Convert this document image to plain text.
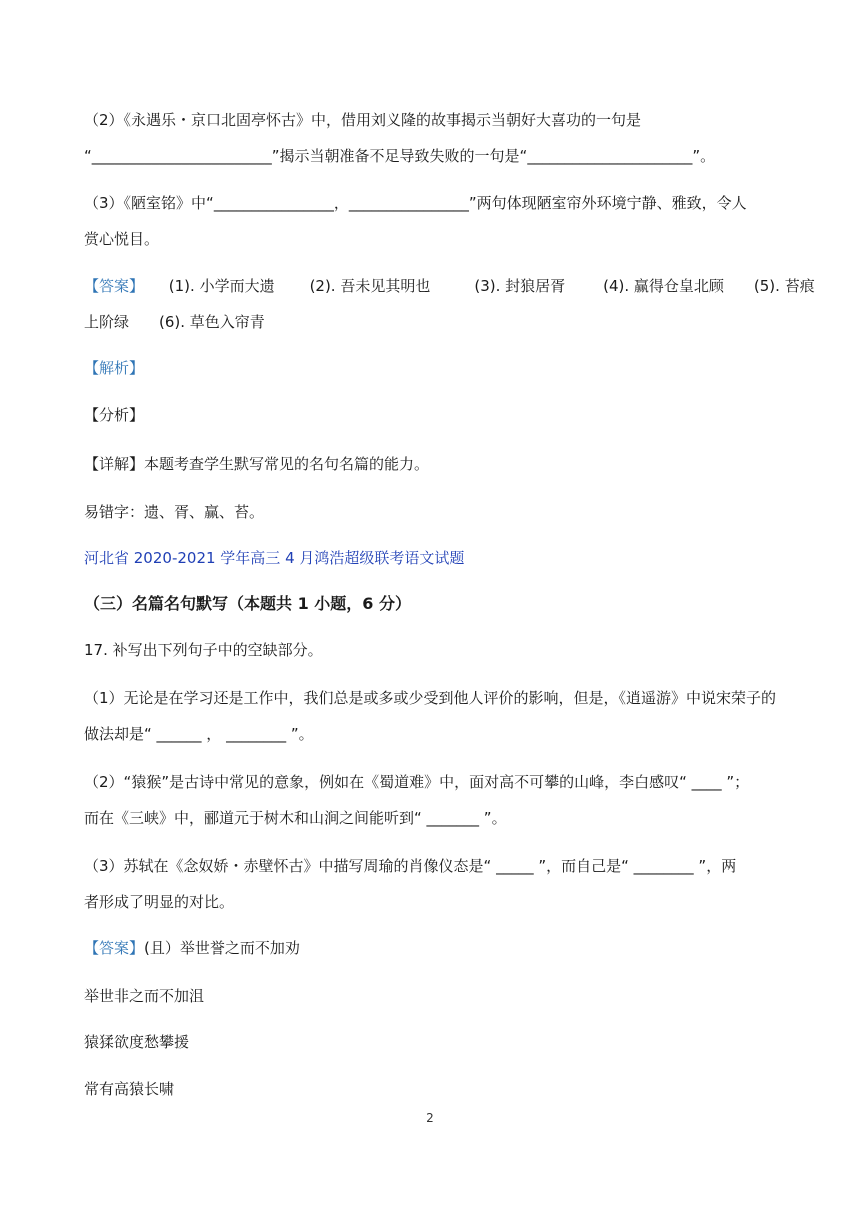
（2）《永遇乐・京口北固亭怀古》中，借用刘义隆的故事揭示当朝好大喜功的一句是
“________________________”揭示当朝准备不足导致失败的一句是“______________________”。
（3）《陋室铭》中“________________，________________”两句体现陋室帘外环境宁静、雅致，令人
赏心悦目。
【答案】 (1). 小学而大遗 (2). 吾未见其明也	(3). 封狼居胥	(4). 赢得仓皇北顾 (5). 苔痕
上阶绿　　(6). 草色入帘青
【解析】
【分析】
【详解】本题考查学生默写常见的名句名篇的能力。
易错字：遗、胥、赢、苔。
河北省 2020-2021 学年高三 4 月鸿浩超级联考语文试题
（三）名篇名句默写（本题共 1 小题，6 分）
17. 补写出下列句子中的空缺部分。
（1）无论是在学习还是工作中，我们总是或多或少受到他人评价的影响，但是，《逍遥游》中说宋荣子的
做法却是“ ______ ， ________ ”。
（2）“猿猴”是古诗中常见的意象，例如在《蜀道难》中，面对高不可攀的山峰，李白感叹“ ____ ”；
而在《三峡》中，郦道元于树木和山涧之间能听到“ _______ ”。
（3）苏轼在《念奴娇・赤壁怀古》中描写周瑜的肖像仪态是“ _____ ”，而自己是“ ________ ”，两
者形成了明显的对比。
【答案】(且）举世誉之而不加劝
举世非之而不加沮
猿猱欲度愁攀援
常有高猿长啸
2
